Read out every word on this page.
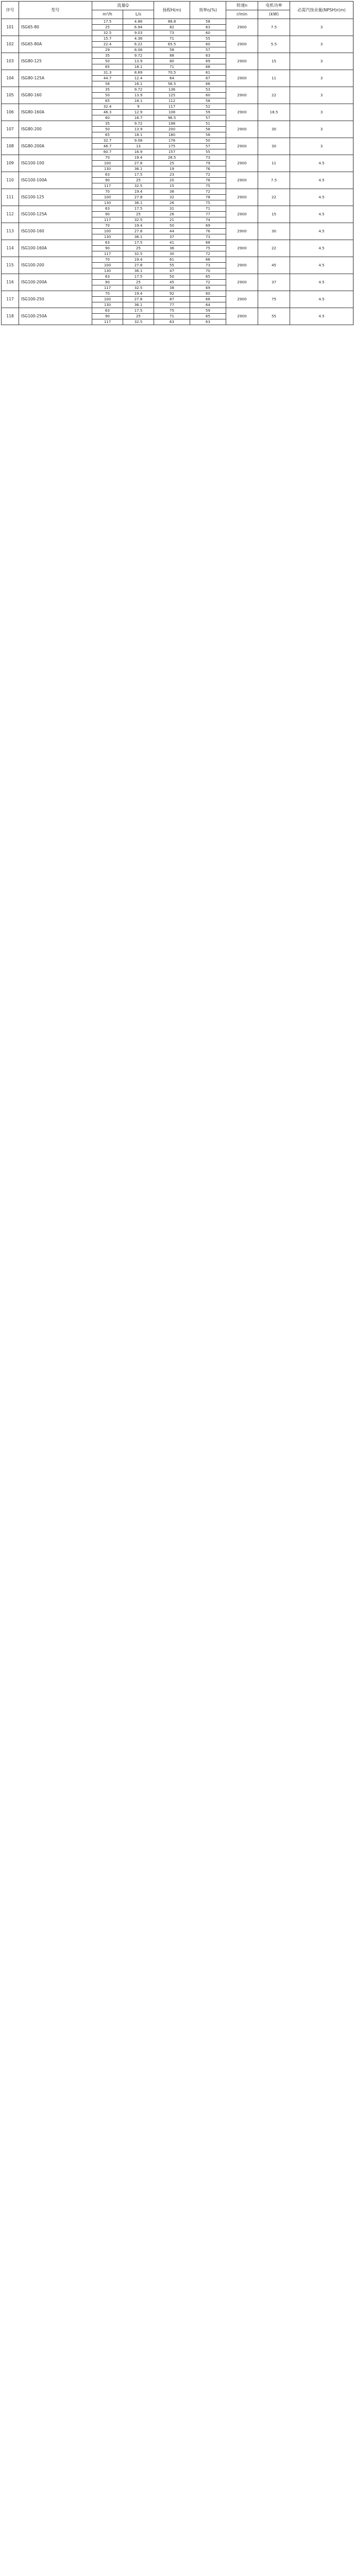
序号	型号	流量Q		扬程H(m)	效率η(%)	转速n	电机功率	必需汽蚀余量(NPSH)r(m)
		m³/h	L/s			r/min	(kW)	
101	ISG65-80	17.5	4.86	88.8	58	2900	7.5	3
		25	6.94	82	63			
		32.5	9.03	73	60			
102	ISG65-80A	15.7	4.36	71	55	2900	5.5	3
		22.4	6.22	65.5	60			
		29	8.06	58	57			
103	ISG80-125	35	9.72	88	63	2900	15	3
		50	13.9	80	69			
		65	18.1	71	68			
104	ISG80-125A	31.3	8.69	70.5	61	2900	11	3
		44.7	12.4	64	67			
		58	16.1	56.5	66			
105	ISG80-160	35	9.72	136	53	2900	22	3
		50	13.9	125	60			
		65	18.1	112	58			
106	ISG80-160A	32.4	9	117	52	2900	18.5	3
		46.3	12.9	108	59			
		60	16.7	96.5	57			
107	ISG80-200	35	9.72	198	51	2900	30	3
		50	13.9	200	58			
		65	18.1	180	56			
108	ISG80-200A	32.7	9.08	176	50	2900	30	3
		46.7	13	175	57			
		60.7	16.9	157	55			
109	ISG100-100	70	19.4	28.5	73	2900	11	4.5
		100	27.8	25	79			
		130	36.1	19	76			
110	ISG100-100A	63	17.5	23	72	2900	7.5	4.5
		90	25	20	78			
		117	32.5	15	75			
111	ISG100-125	70	19.4	38	72	2900	22	4.5
		100	27.8	32	78			
		130	36.1	26	75			
112	ISG100-125A	63	17.5	31	71	2900	15	4.5
		90	25	26	77			
		117	32.5	21	74			
113	ISG100-160	70	19.4	50	69	2900	30	4.5
		100	27.8	44	76			
		130	36.1	37	73			
114	ISG100-160A	63	17.5	41	68	2900	22	4.5
		90	25	36	75			
		117	32.5	30	72			
115	ISG100-200	70	19.4	61	66	2900	45	4.5
		100	27.8	55	73			
		130	36.1	47	70			
116	ISG100-200A	63	17.5	50	65	2900	37	4.5
		90	25	45	72			
		117	32.5	38	69			
117	ISG100-250	70	19.4	92	60	2900	75	4.5
		100	27.8	87	66			
		130	36.1	77	64			
118	ISG100-250A	63	17.5	75	59	2900	55	4.5
		90	25	71	65			
		117	32.5	63	63			
